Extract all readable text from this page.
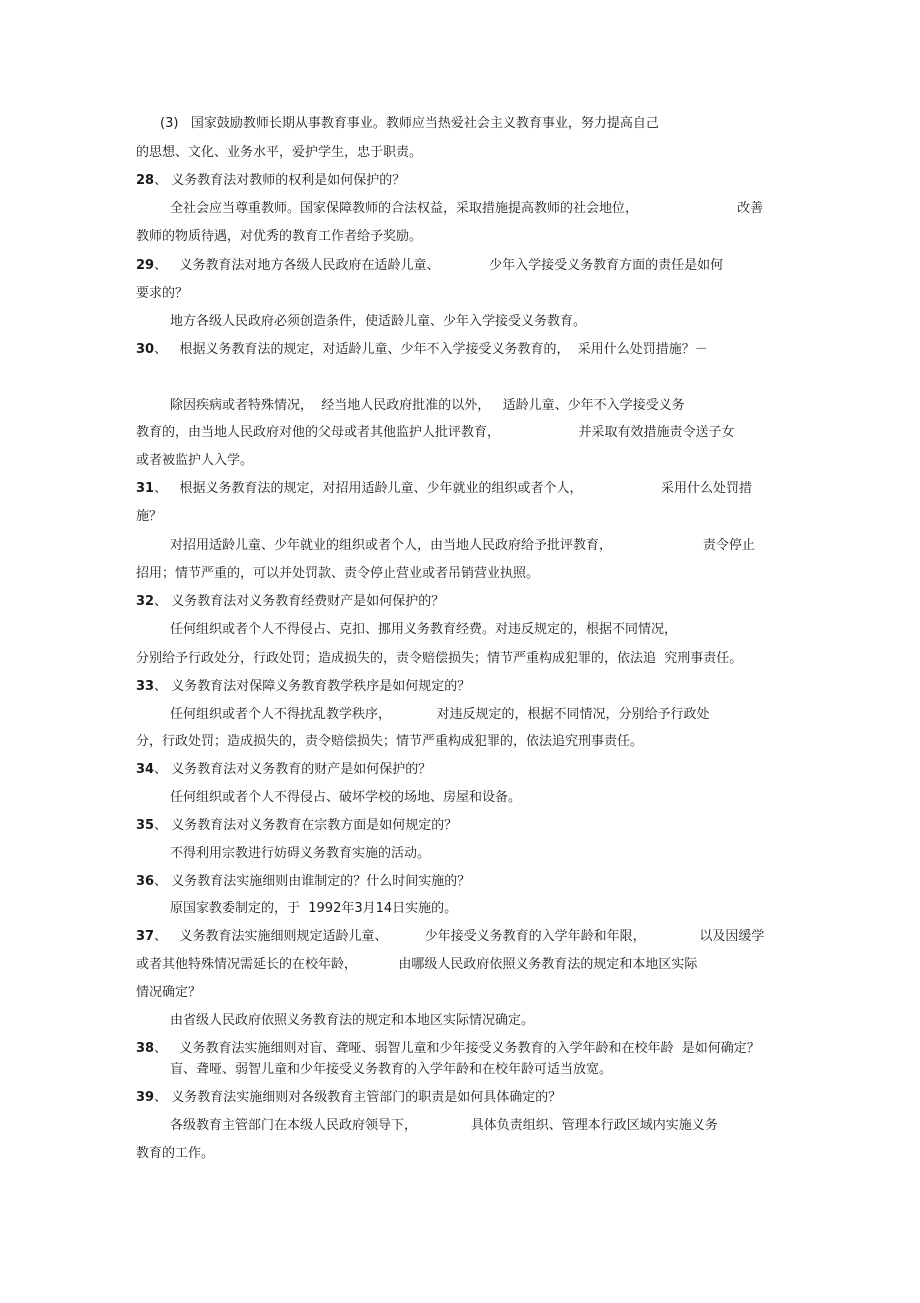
(3)   国家鼓励教师长期从事教育事业。教师应当热爱社会主义教育事业，努力提高自己
的思想、文化、业务水平，爱护学生，忠于职责。
28、 义务教育法对教师的权利是如何保护的？
全社会应当尊重教师。国家保障教师的合法权益，采取措施提高教师的社会地位，                        改善
教师的物质待遇，对优秀的教育工作者给予奖励。
29、   义务教育法对地方各级人民政府在适龄儿童、            少年入学接受义务教育方面的责任是如何
要求的？
地方各级人民政府必须创造条件，使适龄儿童、少年入学接受义务教育。
30、   根据义务教育法的规定，对适龄儿童、少年不入学接受义务教育的，  采用什么处罚措施？－
除因疾病或者特殊情况，  经当地人民政府批准的以外，   适龄儿童、少年不入学接受义务
教育的，由当地人民政府对他的父母或者其他监护人批评教育，                   并采取有效措施责令送子女
或者被监护人入学。
31、   根据义务教育法的规定，对招用适龄儿童、少年就业的组织或者个人，                   采用什么处罚措
施？
对招用适龄儿童、少年就业的组织或者个人，由当地人民政府给予批评教育，                      责令停止
招用；情节严重的，可以并处罚款、责令停止营业或者吊销营业执照。
32、 义务教育法对义务教育经费财产是如何保护的？
任何组织或者个人不得侵占、克扣、挪用义务教育经费。对违反规定的，根据不同情况，
分别给予行政处分，行政处罚；造成损失的，责令赔偿损失；情节严重构成犯罪的，依法追  究刑事责任。
33、 义务教育法对保障义务教育教学秩序是如何规定的？
任何组织或者个人不得扰乱教学秩序，           对违反规定的，根据不同情况，分别给予行政处
分，行政处罚；造成损失的，责令赔偿损失；情节严重构成犯罪的，依法追究刑事责任。
34、 义务教育法对义务教育的财产是如何保护的？
任何组织或者个人不得侵占、破坏学校的场地、房屋和设备。
35、 义务教育法对义务教育在宗教方面是如何规定的？
不得利用宗教进行妨碍义务教育实施的活动。
36、 义务教育法实施细则由谁制定的？什么时间实施的？
原国家教委制定的，于  1992年3月14日实施的。
37、   义务教育法实施细则规定适龄儿童、         少年接受义务教育的入学年龄和年限，             以及因缓学
或者其他特殊情况需延长的在校年龄，          由哪级人民政府依照义务教育法的规定和本地区实际
情况确定？
由省级人民政府依照义务教育法的规定和本地区实际情况确定。
38、   义务教育法实施细则对盲、聋哑、弱智儿童和少年接受义务教育的入学年龄和在校年龄  是如何确定？
盲、聋哑、弱智儿童和少年接受义务教育的入学年龄和在校年龄可适当放宽。
39、 义务教育法实施细则对各级教育主管部门的职责是如何具体确定的？
各级教育主管部门在本级人民政府领导下，             具体负责组织、管理本行政区域内实施义务
教育的工作。
